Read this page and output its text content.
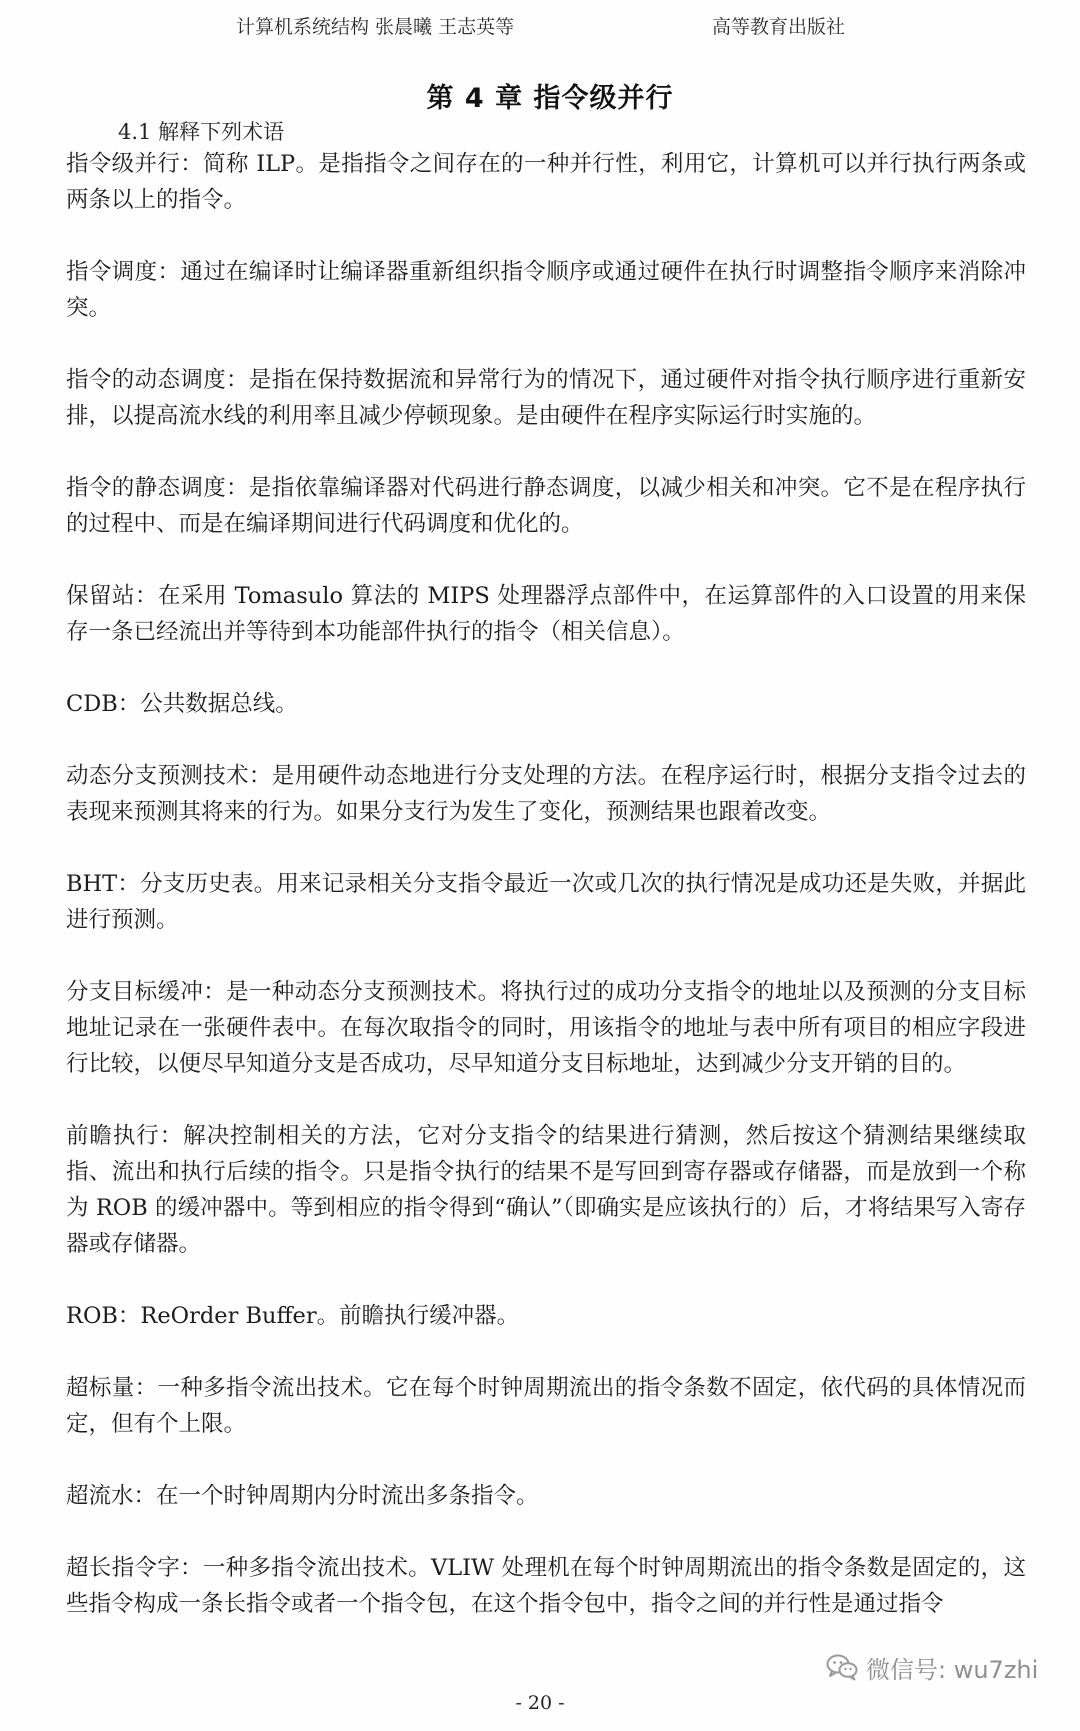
计算机系统结构 张晨曦 王志英等	高等教育出版社
第 4 章 指令级并行
4.1 解释下列术语

指令级并行：简称 ILP。是指指令之间存在的一种并行性，利用它，计算机可以并行执行两条或两条以上的指令。

指令调度：通过在编译时让编译器重新组织指令顺序或通过硬件在执行时调整指令顺序来消除冲突。

指令的动态调度：是指在保持数据流和异常行为的情况下，通过硬件对指令执行顺序进行重新安排，以提高流水线的利用率且减少停顿现象。是由硬件在程序实际运行时实施的。

指令的静态调度：是指依靠编译器对代码进行静态调度，以减少相关和冲突。它不是在程序执行的过程中、而是在编译期间进行代码调度和优化的。

保留站：在采用 Tomasulo 算法的 MIPS 处理器浮点部件中，在运算部件的入口设置的用来保存一条已经流出并等待到本功能部件执行的指令（相关信息）。

CDB：公共数据总线。

动态分支预测技术：是用硬件动态地进行分支处理的方法。在程序运行时，根据分支指令过去的表现来预测其将来的行为。如果分支行为发生了变化，预测结果也跟着改变。

BHT：分支历史表。用来记录相关分支指令最近一次或几次的执行情况是成功还是失败，并据此进行预测。

分支目标缓冲：是一种动态分支预测技术。将执行过的成功分支指令的地址以及预测的分支目标地址记录在一张硬件表中。在每次取指令的同时，用该指令的地址与表中所有项目的相应字段进行比较，以便尽早知道分支是否成功，尽早知道分支目标地址，达到减少分支开销的目的。

前瞻执行：解决控制相关的方法，它对分支指令的结果进行猜测，然后按这个猜测结果继续取指、流出和执行后续的指令。只是指令执行的结果不是写回到寄存器或存储器，而是放到一个称为 ROB 的缓冲器中。等到相应的指令得到“确认”（即确实是应该执行的）后，才将结果写入寄存器或存储器。

ROB：ReOrder Buffer。前瞻执行缓冲器。

超标量：一种多指令流出技术。它在每个时钟周期流出的指令条数不固定，依代码的具体情况而定，但有个上限。

超流水：在一个时钟周期内分时流出多条指令。

超长指令字：一种多指令流出技术。VLIW 处理机在每个时钟周期流出的指令条数是固定的，这些指令构成一条长指令或者一个指令包，在这个指令包中，指令之间的并行性是通过指令

微信号: wu7zhi
- 20 -
